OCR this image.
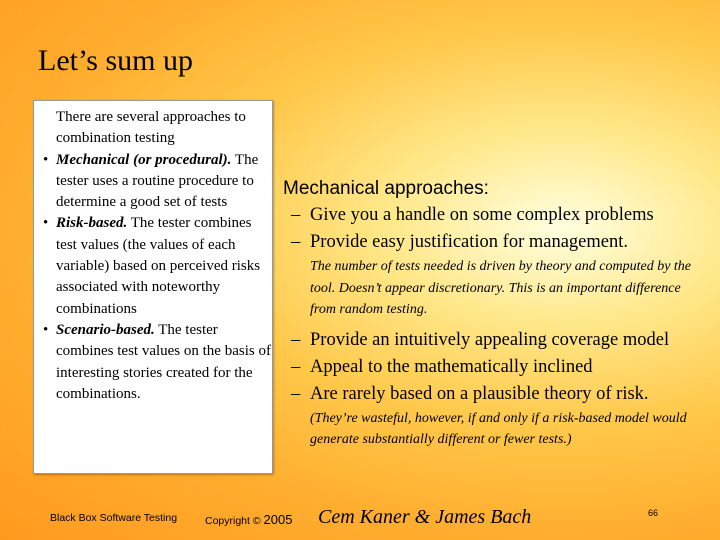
Let’s sum up

There are several approaches to combination testing

• Mechanical (or procedural). The tester uses a routine procedure to determine a good set of tests

• Risk-based. The tester combines test values (the values of each variable) based on perceived risks associated with noteworthy combinations

• Scenario-based. The tester combines test values on the basis of interesting stories created for the combinations.

Mechanical approaches:

– Give you a handle on some complex problems

– Provide easy justification for management.

The number of tests needed is driven by theory and computed by the tool. Doesn’t appear discretionary. This is an important difference from random testing.

– Provide an intuitively appealing coverage model

– Appeal to the mathematically inclined

– Are rarely based on a plausible theory of risk.

(They’re wasteful, however, if and only if a risk-based model would generate substantially different or fewer tests.)

Black Box Software Testing	Copyright © 2005 Cem Kaner & James Bach	66
